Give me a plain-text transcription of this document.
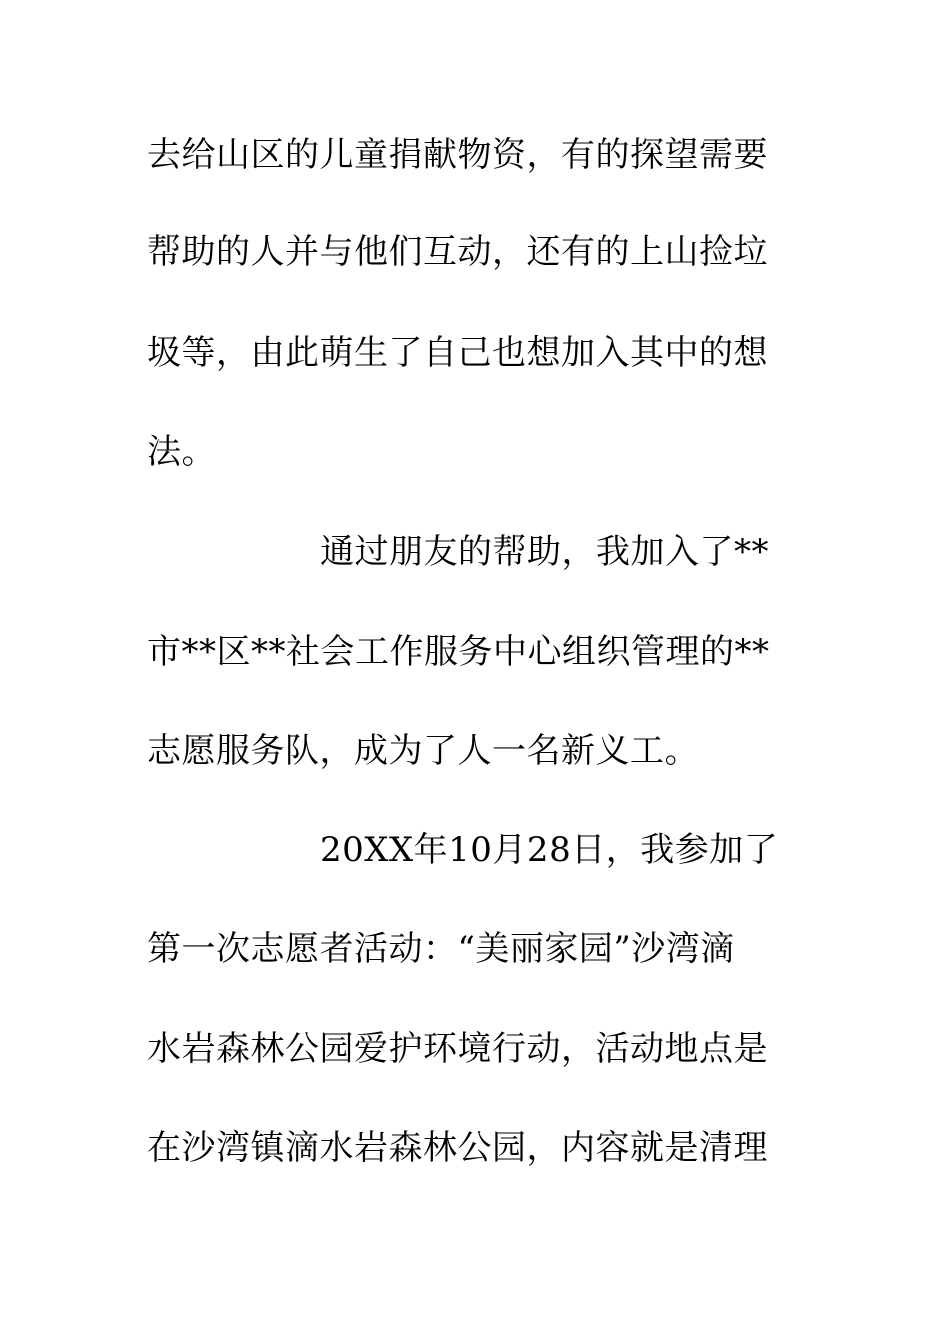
去给山区的儿童捐献物资，有的探望需要
帮助的人并与他们互动，还有的上山捡垃
圾等，由此萌生了自己也想加入其中的想
法。
通过朋友的帮助，我加入了**
市**区**社会工作服务中心组织管理的**
志愿服务队，成为了人一名新义工。
20XX年10月28日，我参加了
第一次志愿者活动：“美丽家园”沙湾滴
水岩森林公园爱护环境行动，活动地点是
在沙湾镇滴水岩森林公园，内容就是清理
